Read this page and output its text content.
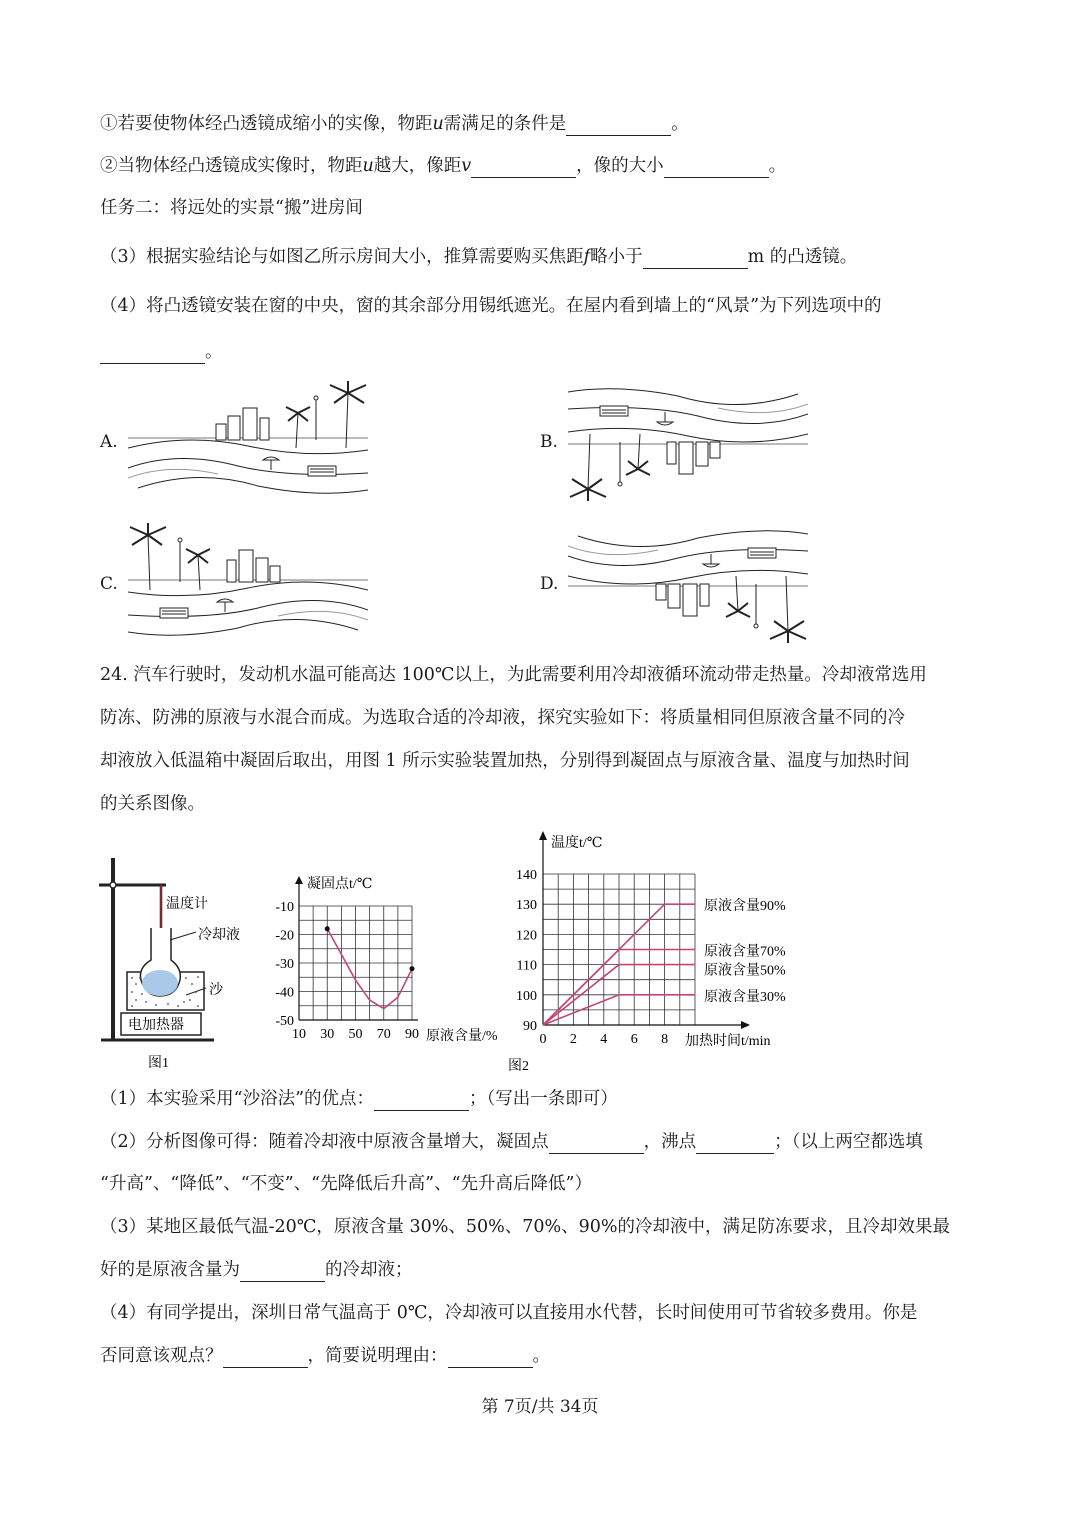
①若要使物体经凸透镜成缩小的实像，物距u需满足的条件是	。
②当物体经凸透镜成实像时，物距u越大，像距v	，像的大小	。
任务二：将远处的实景“搬”进房间
（3）根据实验结论与如图乙所示房间大小，推算需要购买焦距f略小于	m 的凸透镜。
（4）将凸透镜安装在窗的中央，窗的其余部分用锡纸遮光。在屋内看到墙上的“风景”为下列选项中的
。
A.	B.
C.	D.
24. 汽车行驶时，发动机水温可能高达 100℃以上，为此需要利用冷却液循环流动带走热量。冷却液常选用
防冻、防沸的原液与水混合而成。为选取合适的冷却液，探究实验如下：将质量相同但原液含量不同的冷
却液放入低温箱中凝固后取出，用图 1 所示实验装置加热，分别得到凝固点与原液含量、温度与加热时间
的关系图像。
温度计
冷却液
沙
电加热器
图1
-10
-20
-30
-40
-50
10 30 50 70 90
凝固点t/℃
原液含量/%
90
100
110
120
130
140
0 2 4 6 8
温度t/℃
加热时间t/min
原液含量90%
原液含量70%
原液含量50%
原液含量30%
图2
（1）本实验采用“沙浴法”的优点：	；（写出一条即可）
（2）分析图像可得：随着冷却液中原液含量增大，凝固点	，沸点	；（以上两空都选填
“升高”、“降低”、“不变”、“先降低后升高”、“先升高后降低”）
（3）某地区最低气温-20℃，原液含量 30%、50%、70%、90%的冷却液中，满足防冻要求，且冷却效果最
好的是原液含量为	的冷却液；
（4）有同学提出，深圳日常气温高于 0℃，冷却液可以直接用水代替，长时间使用可节省较多费用。你是
否同意该观点？	，简要说明理由：	。
第 7页/共 34页
